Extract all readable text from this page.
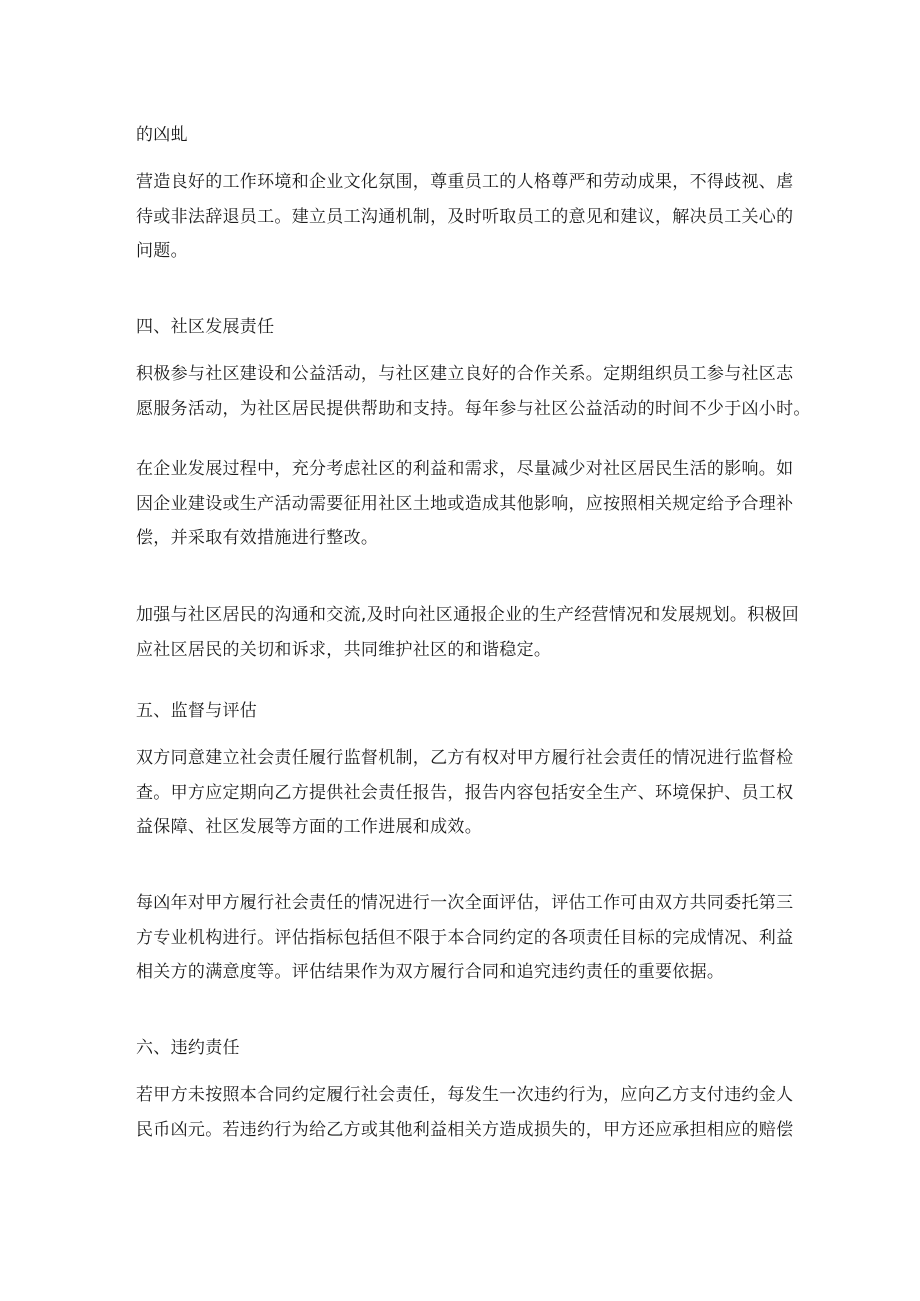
的凶虬
营造良好的工作环境和企业文化氛围，尊重员工的人格尊严和劳动成果，不得歧视、虐
待或非法辞退员工。建立员工沟通机制，及时听取员工的意见和建议，解决员工关心的
问题。
四、社区发展责任
积极参与社区建设和公益活动，与社区建立良好的合作关系。定期组织员工参与社区志
愿服务活动，为社区居民提供帮助和支持。每年参与社区公益活动的时间不少于凶小时。
在企业发展过程中，充分考虑社区的利益和需求，尽量减少对社区居民生活的影响。如
因企业建设或生产活动需要征用社区土地或造成其他影响，应按照相关规定给予合理补
偿，并采取有效措施进行整改。
加强与社区居民的沟通和交流,及时向社区通报企业的生产经营情况和发展规划。积极回
应社区居民的关切和诉求，共同维护社区的和谐稳定。
五、监督与评估
双方同意建立社会责任履行监督机制，乙方有权对甲方履行社会责任的情况进行监督检
查。甲方应定期向乙方提供社会责任报告，报告内容包括安全生产、环境保护、员工权
益保障、社区发展等方面的工作进展和成效。
每凶年对甲方履行社会责任的情况进行一次全面评估，评估工作可由双方共同委托第三
方专业机构进行。评估指标包括但不限于本合同约定的各项责任目标的完成情况、利益
相关方的满意度等。评估结果作为双方履行合同和追究违约责任的重要依据。
六、违约责任
若甲方未按照本合同约定履行社会责任，每发生一次违约行为，应向乙方支付违约金人
民币凶元。若违约行为给乙方或其他利益相关方造成损失的，甲方还应承担相应的赔偿
